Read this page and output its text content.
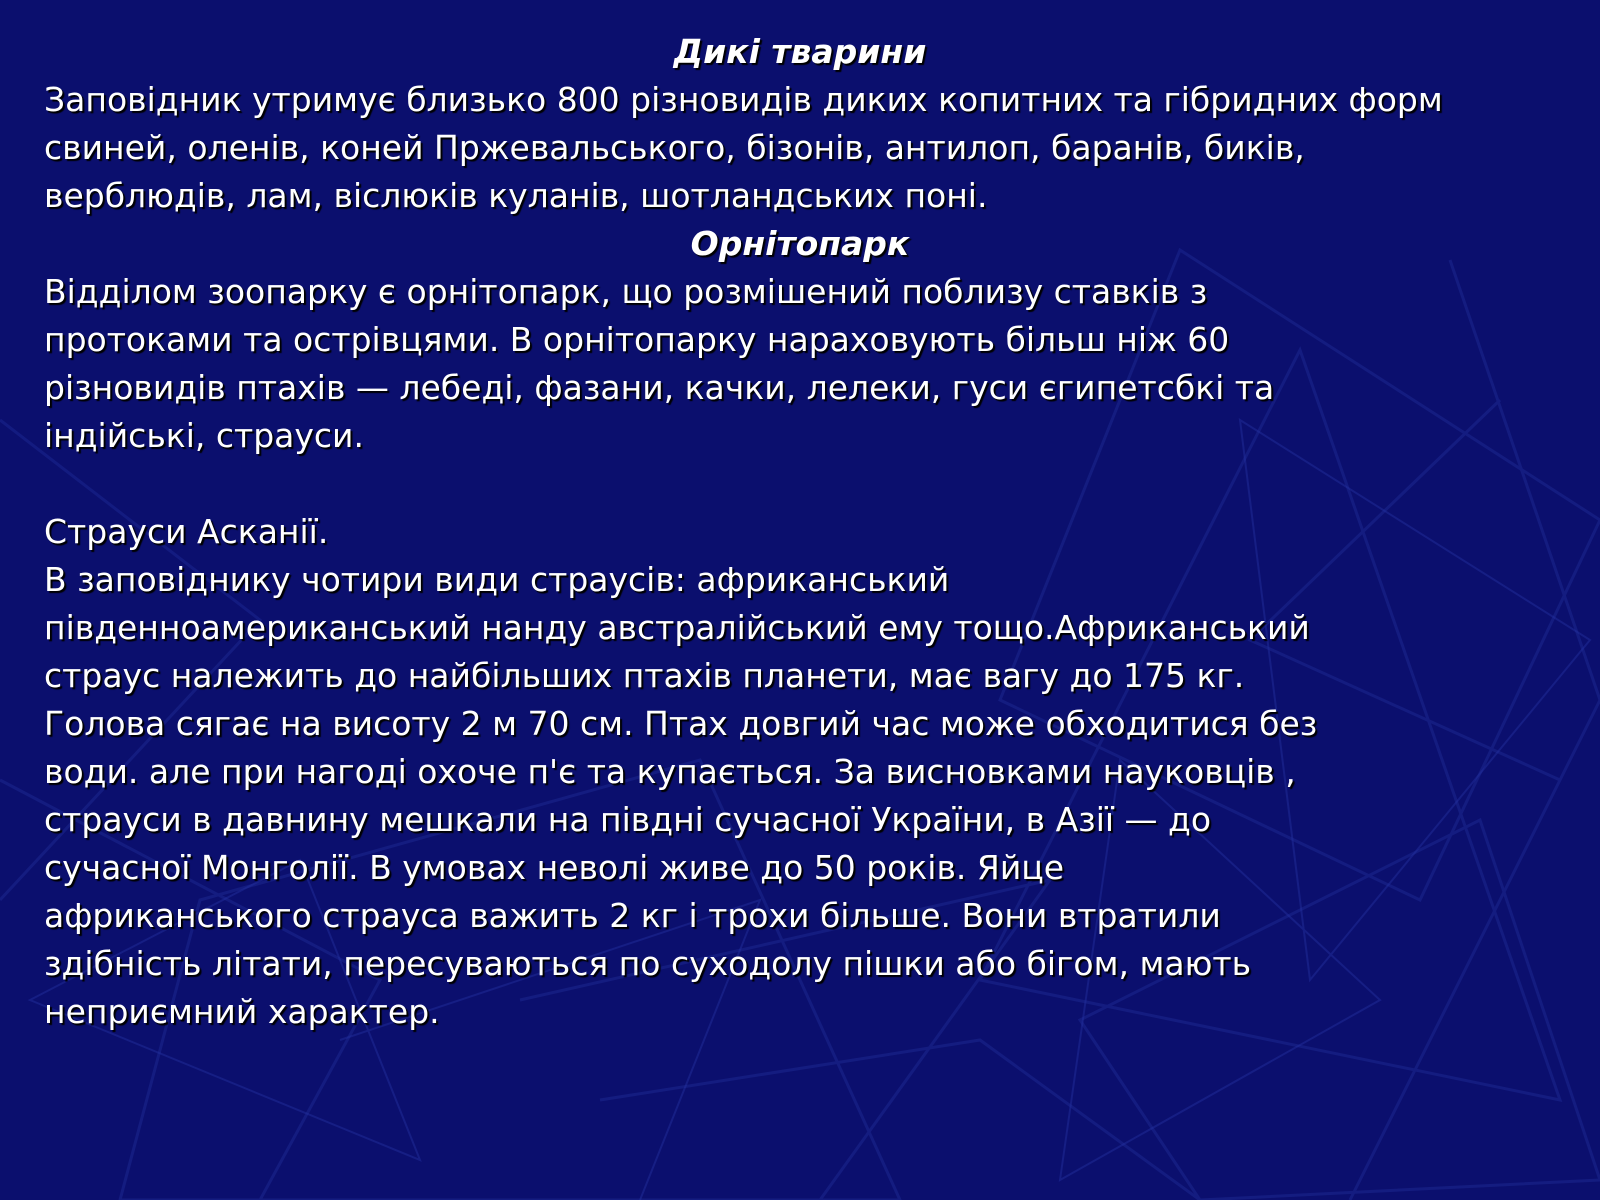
Дикі тварини
Заповідник утримує близько 800 різновидів диких копитних та гібридних форм
свиней, оленів, коней Пржевальського, бізонів, антилоп, баранів, биків,
верблюдів, лам, віслюків куланів, шотландських поні.
Орнітопарк
Відділом зоопарку є орнітопарк, що розмішений поблизу ставків з
протоками та острівцями. В орнітопарку нараховують більш ніж 60
різновидів птахів — лебеді, фазани, качки, лелеки, гуси єгипетсбкі та
індійські, страуси.
Страуси Асканії.
В заповіднику чотири види страусів: африканський
південноамериканський нанду австралійський ему тощо.Африканський
страус належить до найбільших птахів планети, має вагу до 175 кг.
Голова сягає на висоту 2 м 70 см. Птах довгий час може обходитися без
води. але при нагоді охоче п'є та купається. За висновками науковців ,
страуси в давнину мешкали на півдні сучасної України, в Азії — до
сучасної Монголії. В умовах неволі живе до 50 років. Яйце
африканського страуса важить 2 кг і трохи більше. Вони втратили
здібність літати, пересуваються по суходолу пішки або бігом, мають
неприємний характер.
